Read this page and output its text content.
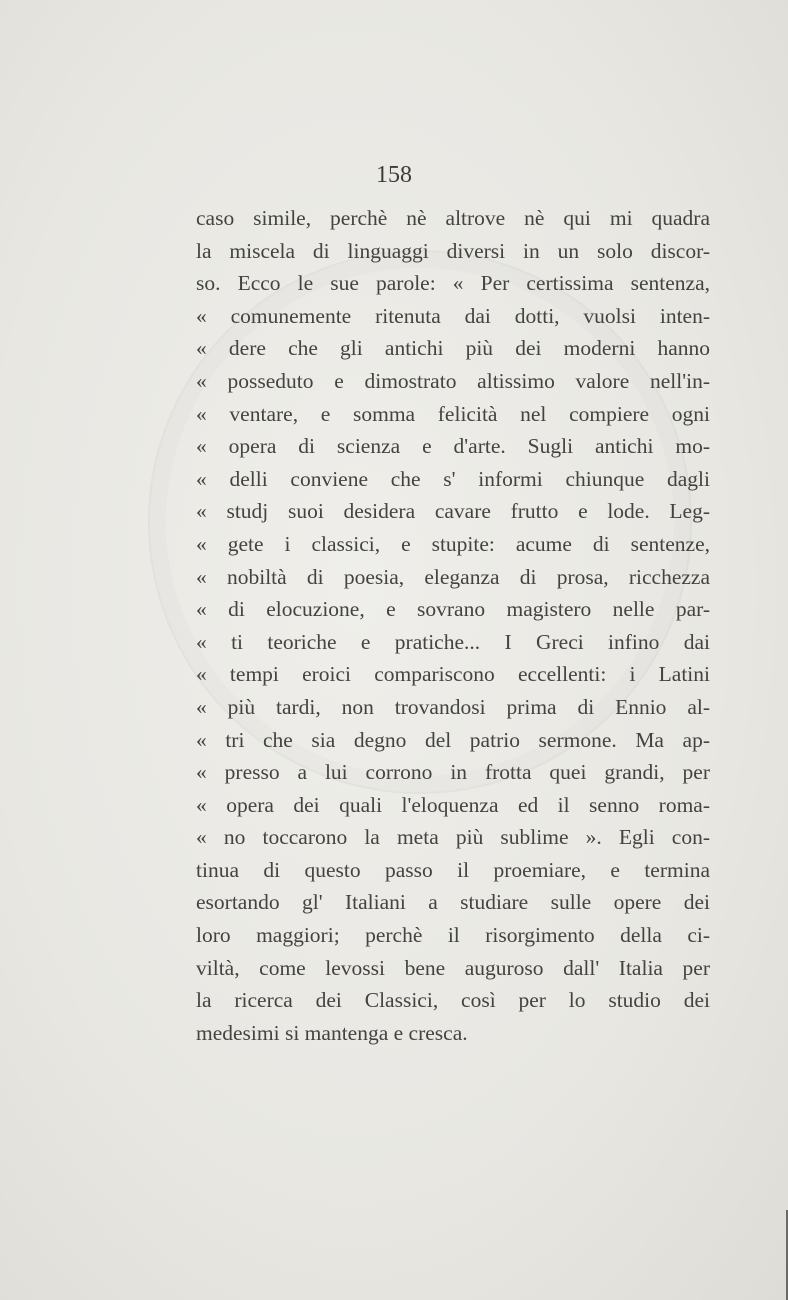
158

caso simile, perchè nè altrove nè qui mi quadra
la miscela di linguaggi diversi in un solo discor-
so. Ecco le sue parole: « Per certissima sentenza,
« comunemente ritenuta dai dotti, vuolsi inten-
« dere che gli antichi più dei moderni hanno
« posseduto e dimostrato altissimo valore nell'in-
« ventare, e somma felicità nel compiere ogni
« opera di scienza e d'arte. Sugli antichi mo-
« delli conviene che s' informi chiunque dagli
« studj suoi desidera cavare frutto e lode. Leg-
« gete i classici, e stupite: acume di sentenze,
« nobiltà di poesia, eleganza di prosa, ricchezza
« di elocuzione, e sovrano magistero nelle par-
« ti teoriche e pratiche... I Greci infino dai
« tempi eroici compariscono eccellenti: i Latini
« più tardi, non trovandosi prima di Ennio al-
« tri che sia degno del patrio sermone. Ma ap-
« presso a lui corrono in frotta quei grandi, per
« opera dei quali l'eloquenza ed il senno roma-
« no toccarono la meta più sublime ». Egli con-
tinua di questo passo il proemiare, e termina
esortando gl' Italiani a studiare sulle opere dei
loro maggiori; perchè il risorgimento della ci-
viltà, come levossi bene auguroso dall' Italia per
la ricerca dei Classici, così per lo studio dei
medesimi si mantenga e cresca.
